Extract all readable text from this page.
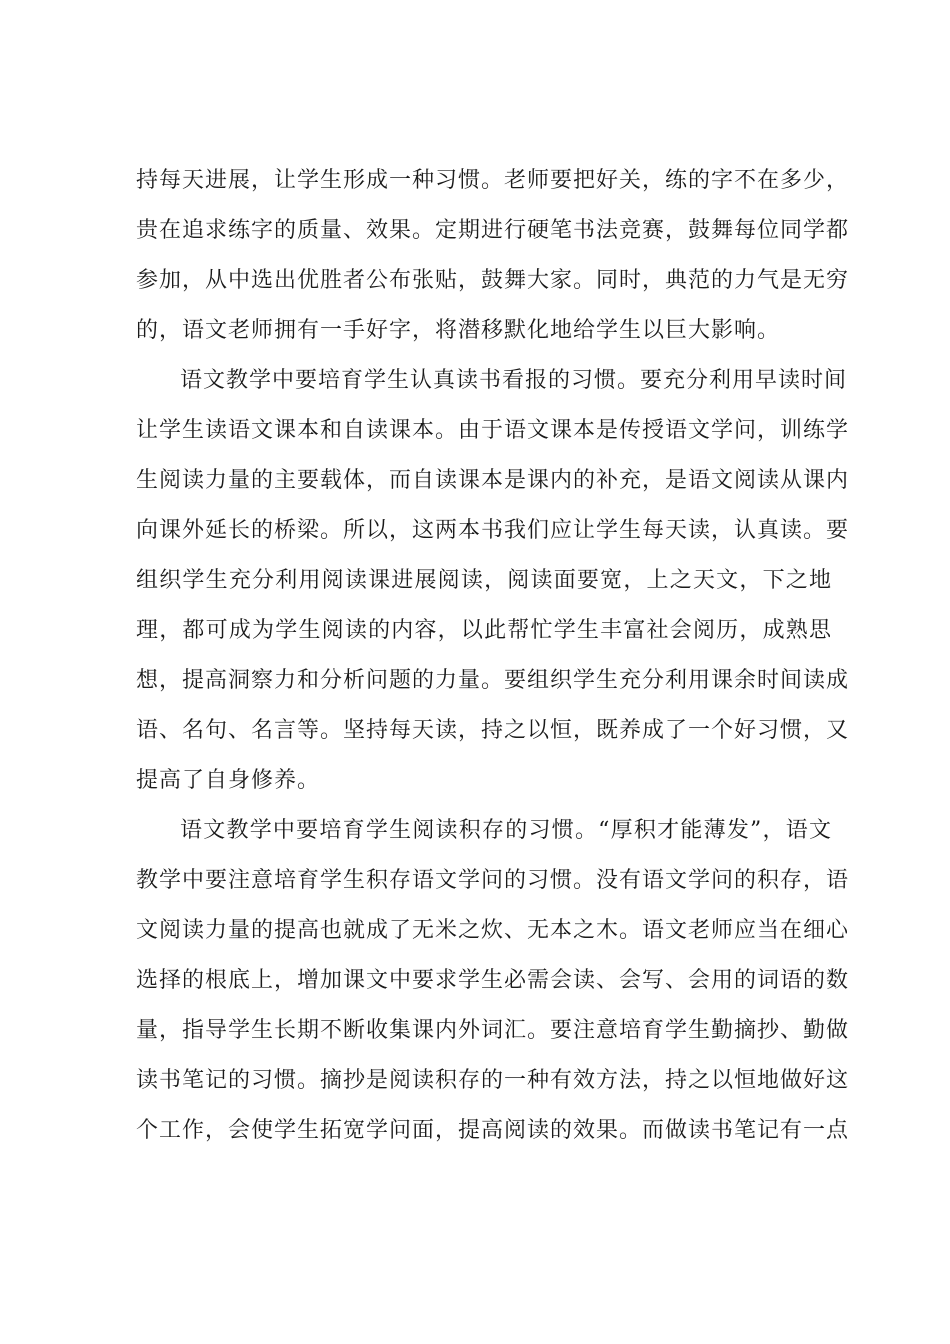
持每天进展，让学生形成一种习惯。老师要把好关，练的字不在多少，
贵在追求练字的质量、效果。定期进行硬笔书法竞赛，鼓舞每位同学都
参加，从中选出优胜者公布张贴，鼓舞大家。同时，典范的力气是无穷
的，语文老师拥有一手好字，将潜移默化地给学生以巨大影响。

语文教学中要培育学生认真读书看报的习惯。要充分利用早读时间
让学生读语文课本和自读课本。由于语文课本是传授语文学问，训练学
生阅读力量的主要载体，而自读课本是课内的补充，是语文阅读从课内
向课外延长的桥梁。所以，这两本书我们应让学生每天读，认真读。要
组织学生充分利用阅读课进展阅读，阅读面要宽，上之天文，下之地
理，都可成为学生阅读的内容，以此帮忙学生丰富社会阅历，成熟思
想，提高洞察力和分析问题的力量。要组织学生充分利用课余时间读成
语、名句、名言等。坚持每天读，持之以恒，既养成了一个好习惯，又
提高了自身修养。

语文教学中要培育学生阅读积存的习惯。“厚积才能薄发”，语文
教学中要注意培育学生积存语文学问的习惯。没有语文学问的积存，语
文阅读力量的提高也就成了无米之炊、无本之木。语文老师应当在细心
选择的根底上，增加课文中要求学生必需会读、会写、会用的词语的数
量，指导学生长期不断收集课内外词汇。要注意培育学生勤摘抄、勤做
读书笔记的习惯。摘抄是阅读积存的一种有效方法，持之以恒地做好这
个工作，会使学生拓宽学问面，提高阅读的效果。而做读书笔记有一点
